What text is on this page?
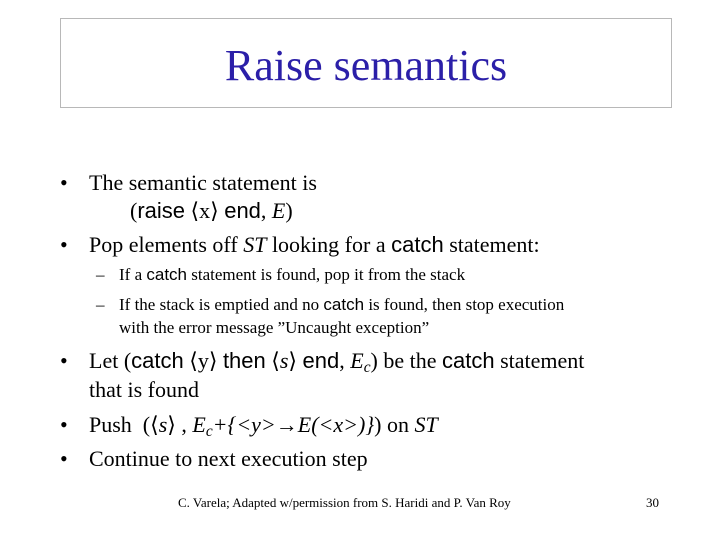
Raise semantics
• The semantic statement is
(raise ⟨x⟩ end, E)
• Pop elements off ST looking for a catch statement:
– If a catch statement is found, pop it from the stack
– If the stack is emptied and no catch is found, then stop execution
with the error message ”Uncaught exception”
• Let (catch ⟨y⟩ then ⟨s⟩ end, $E_c$) be the catch statement
that is found
• Push (⟨s⟩ , $E_c+\{<y>\to E(<x>)\}$) on ST
• Continue to next execution step
C. Varela; Adapted w/permission from S. Haridi and P. Van Roy	30
